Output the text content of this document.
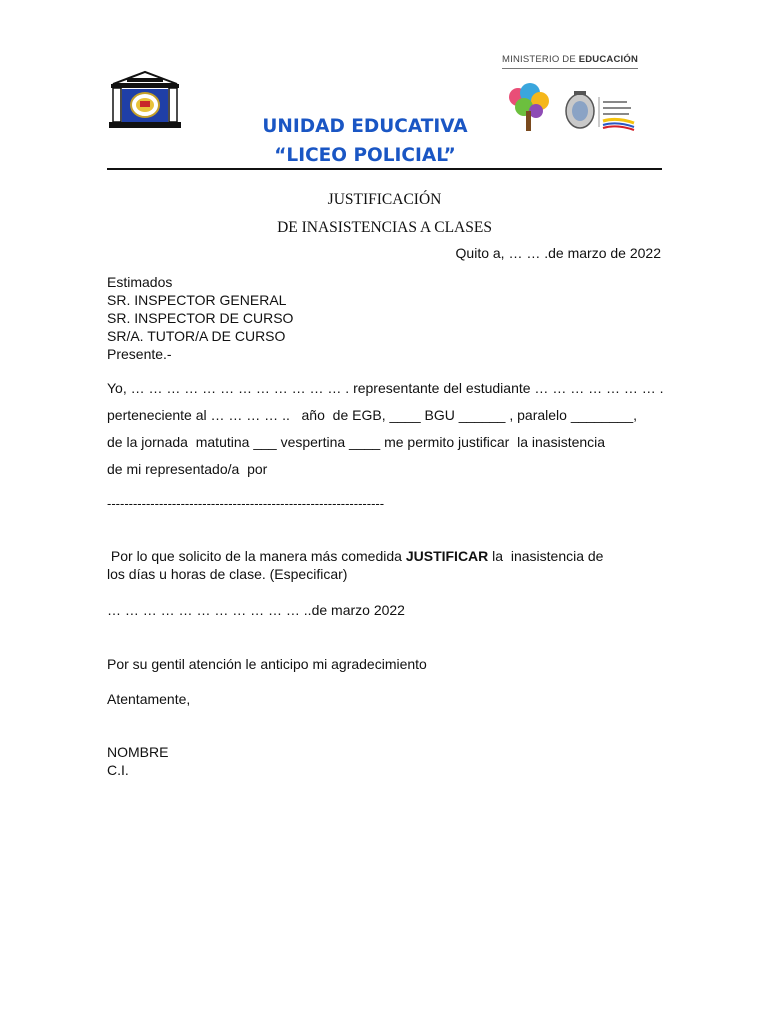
UNIDAD EDUCATIVA
“LICEO POLICIAL”
MINISTERIO DE EDUCACIÓN
JUSTIFICACIÓN
DE INASISTENCIAS A CLASES
Quito a, … … .de marzo de 2022
Estimados
SR. INSPECTOR GENERAL
SR. INSPECTOR DE CURSO
SR/A. TUTOR/A DE CURSO
Presente.-
Yo, … … … … … … … … … … … … . representante del estudiante … … … … … … … .
perteneciente al … … … … ..   año  de EGB, ____ BGU ______ , paralelo ________,
de la jornada  matutina ___ vespertina ____ me permito justificar  la inasistencia
de mi representado/a  por
----------------------------------------------------------------
Por lo que solicito de la manera más comedida JUSTIFICAR la  inasistencia de
los días u horas de clase. (Especificar)
… … … … … … … … … … … ..de marzo 2022
Por su gentil atención le anticipo mi agradecimiento
Atentamente,
NOMBRE
C.I.
